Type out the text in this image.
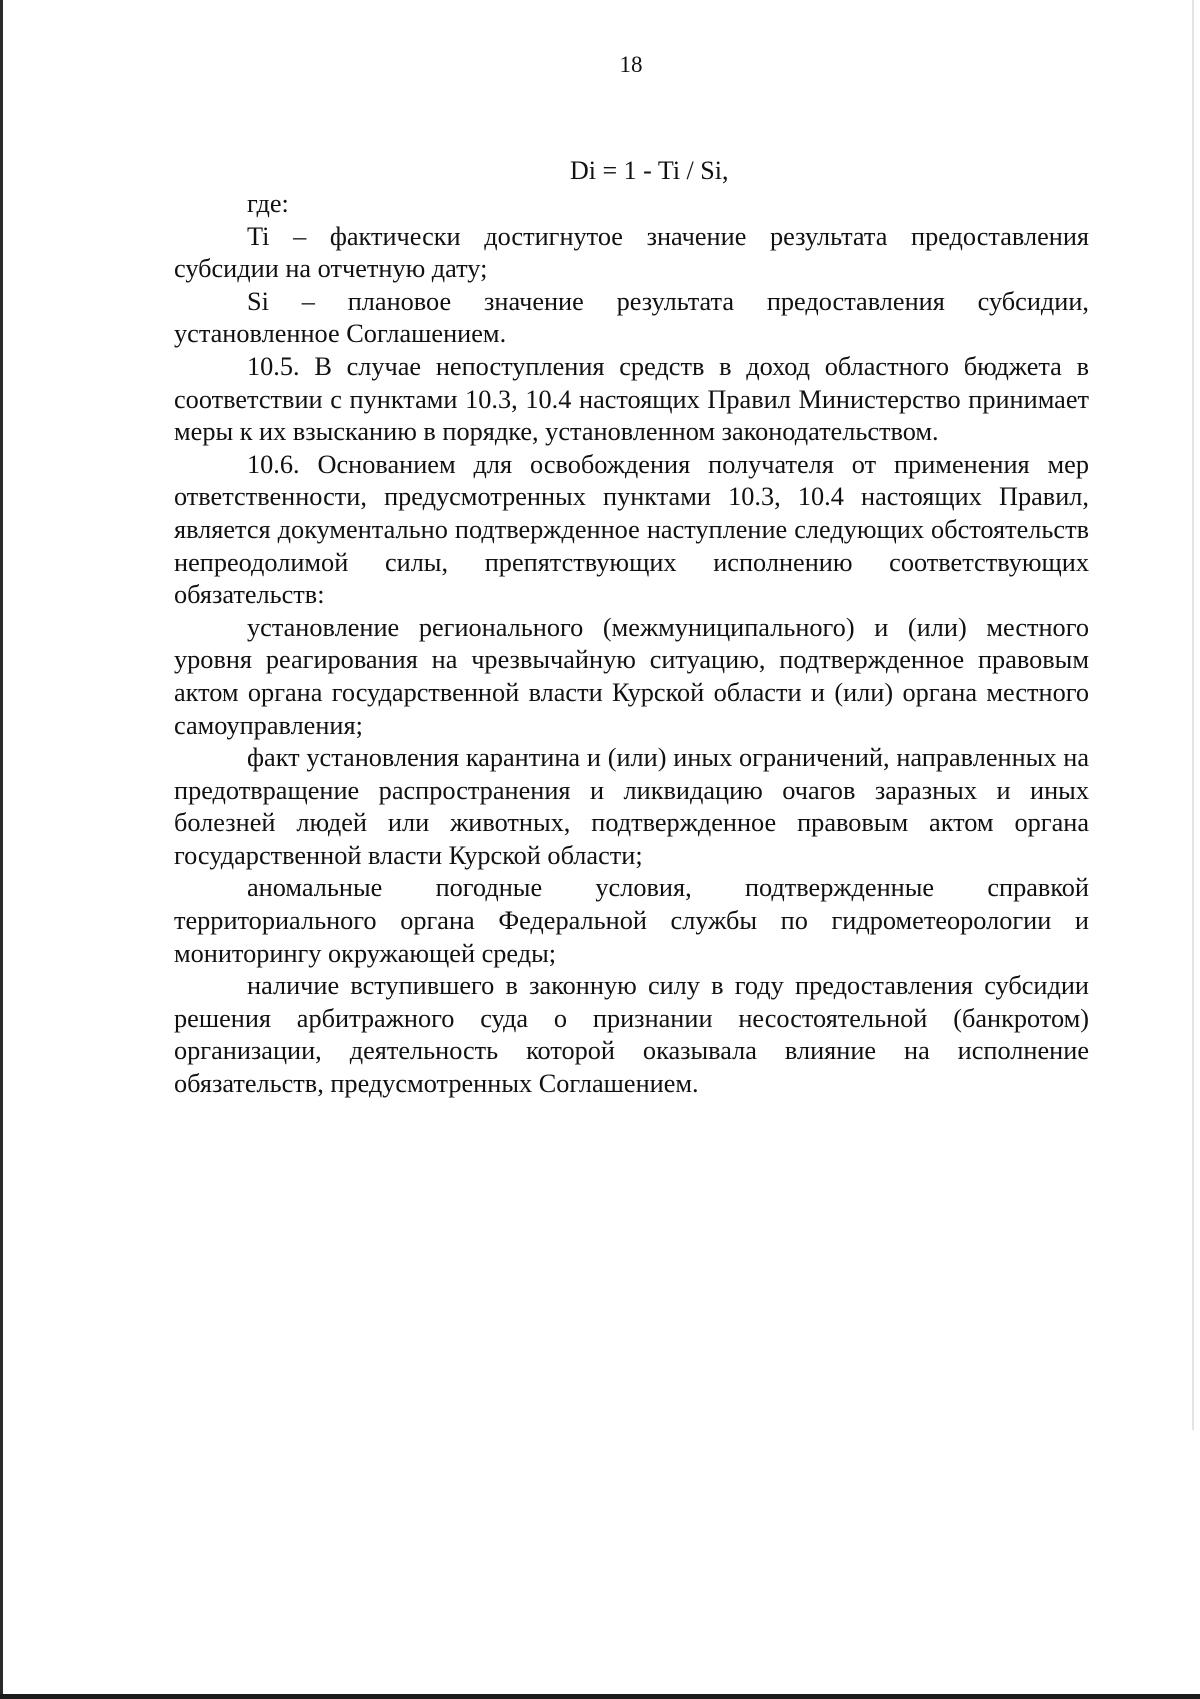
18
Di = 1 - Ti / Si,

где:

Ti – фактически достигнутое значение результата предоставления субсидии на отчетную дату;

Si – плановое значение результата предоставления субсидии, установленное Соглашением.

10.5. В случае непоступления средств в доход областного бюджета в соответствии с пунктами 10.3, 10.4 настоящих Правил Министерство принимает меры к их взысканию в порядке, установленном законодательством.

10.6. Основанием для освобождения получателя от применения мер ответственности, предусмотренных пунктами 10.3, 10.4 настоящих Правил, является документально подтвержденное наступление следующих обстоятельств непреодолимой силы, препятствующих исполнению соответствующих обязательств:

установление регионального (межмуниципального) и (или) местного уровня реагирования на чрезвычайную ситуацию, подтвержденное правовым актом органа государственной власти Курской области и (или) органа местного самоуправления;

факт установления карантина и (или) иных ограничений, направленных на предотвращение распространения и ликвидацию очагов заразных и иных болезней людей или животных, подтвержденное правовым актом органа государственной власти Курской области;

аномальные погодные условия, подтвержденные справкой территориального органа Федеральной службы по гидрометеорологии и мониторингу окружающей среды;

наличие вступившего в законную силу в году предоставления субсидии решения арбитражного суда о признании несостоятельной (банкротом) организации, деятельность которой оказывала влияние на исполнение обязательств, предусмотренных Соглашением.
